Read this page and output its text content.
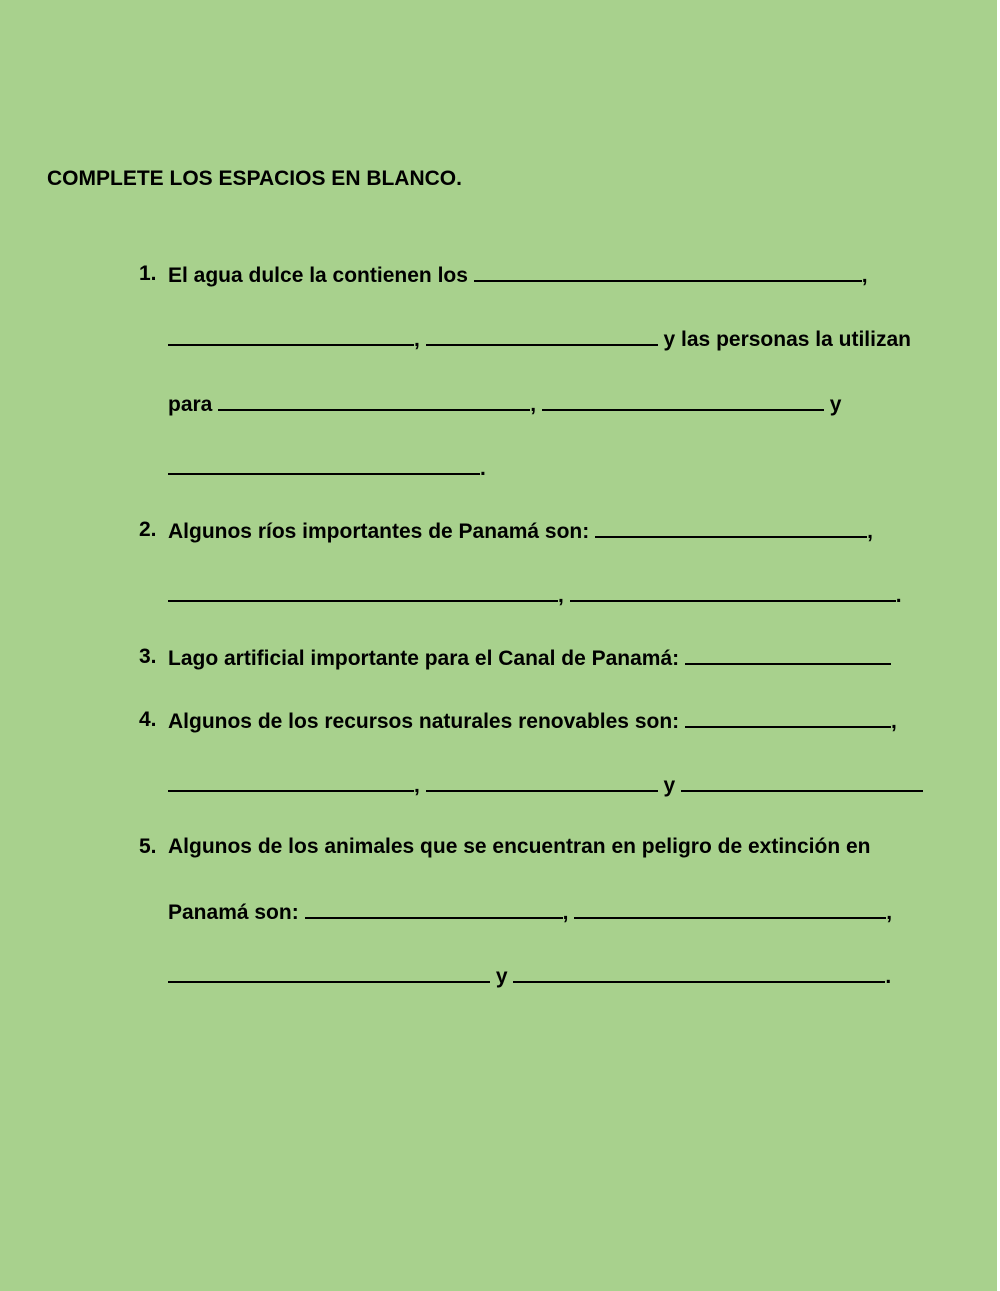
COMPLETE LOS ESPACIOS EN BLANCO.
1. El agua dulce la contienen los	,
,	y las personas la utilizan
para	,	y
.
2. Algunos ríos importantes de Panamá son:	,
,	.
3. Lago artificial importante para el Canal de Panamá:
4. Algunos de los recursos naturales renovables son:	,
,	y
5. Algunos de los animales que se encuentran en peligro de extinción en
Panamá son:	,	,
y	.
